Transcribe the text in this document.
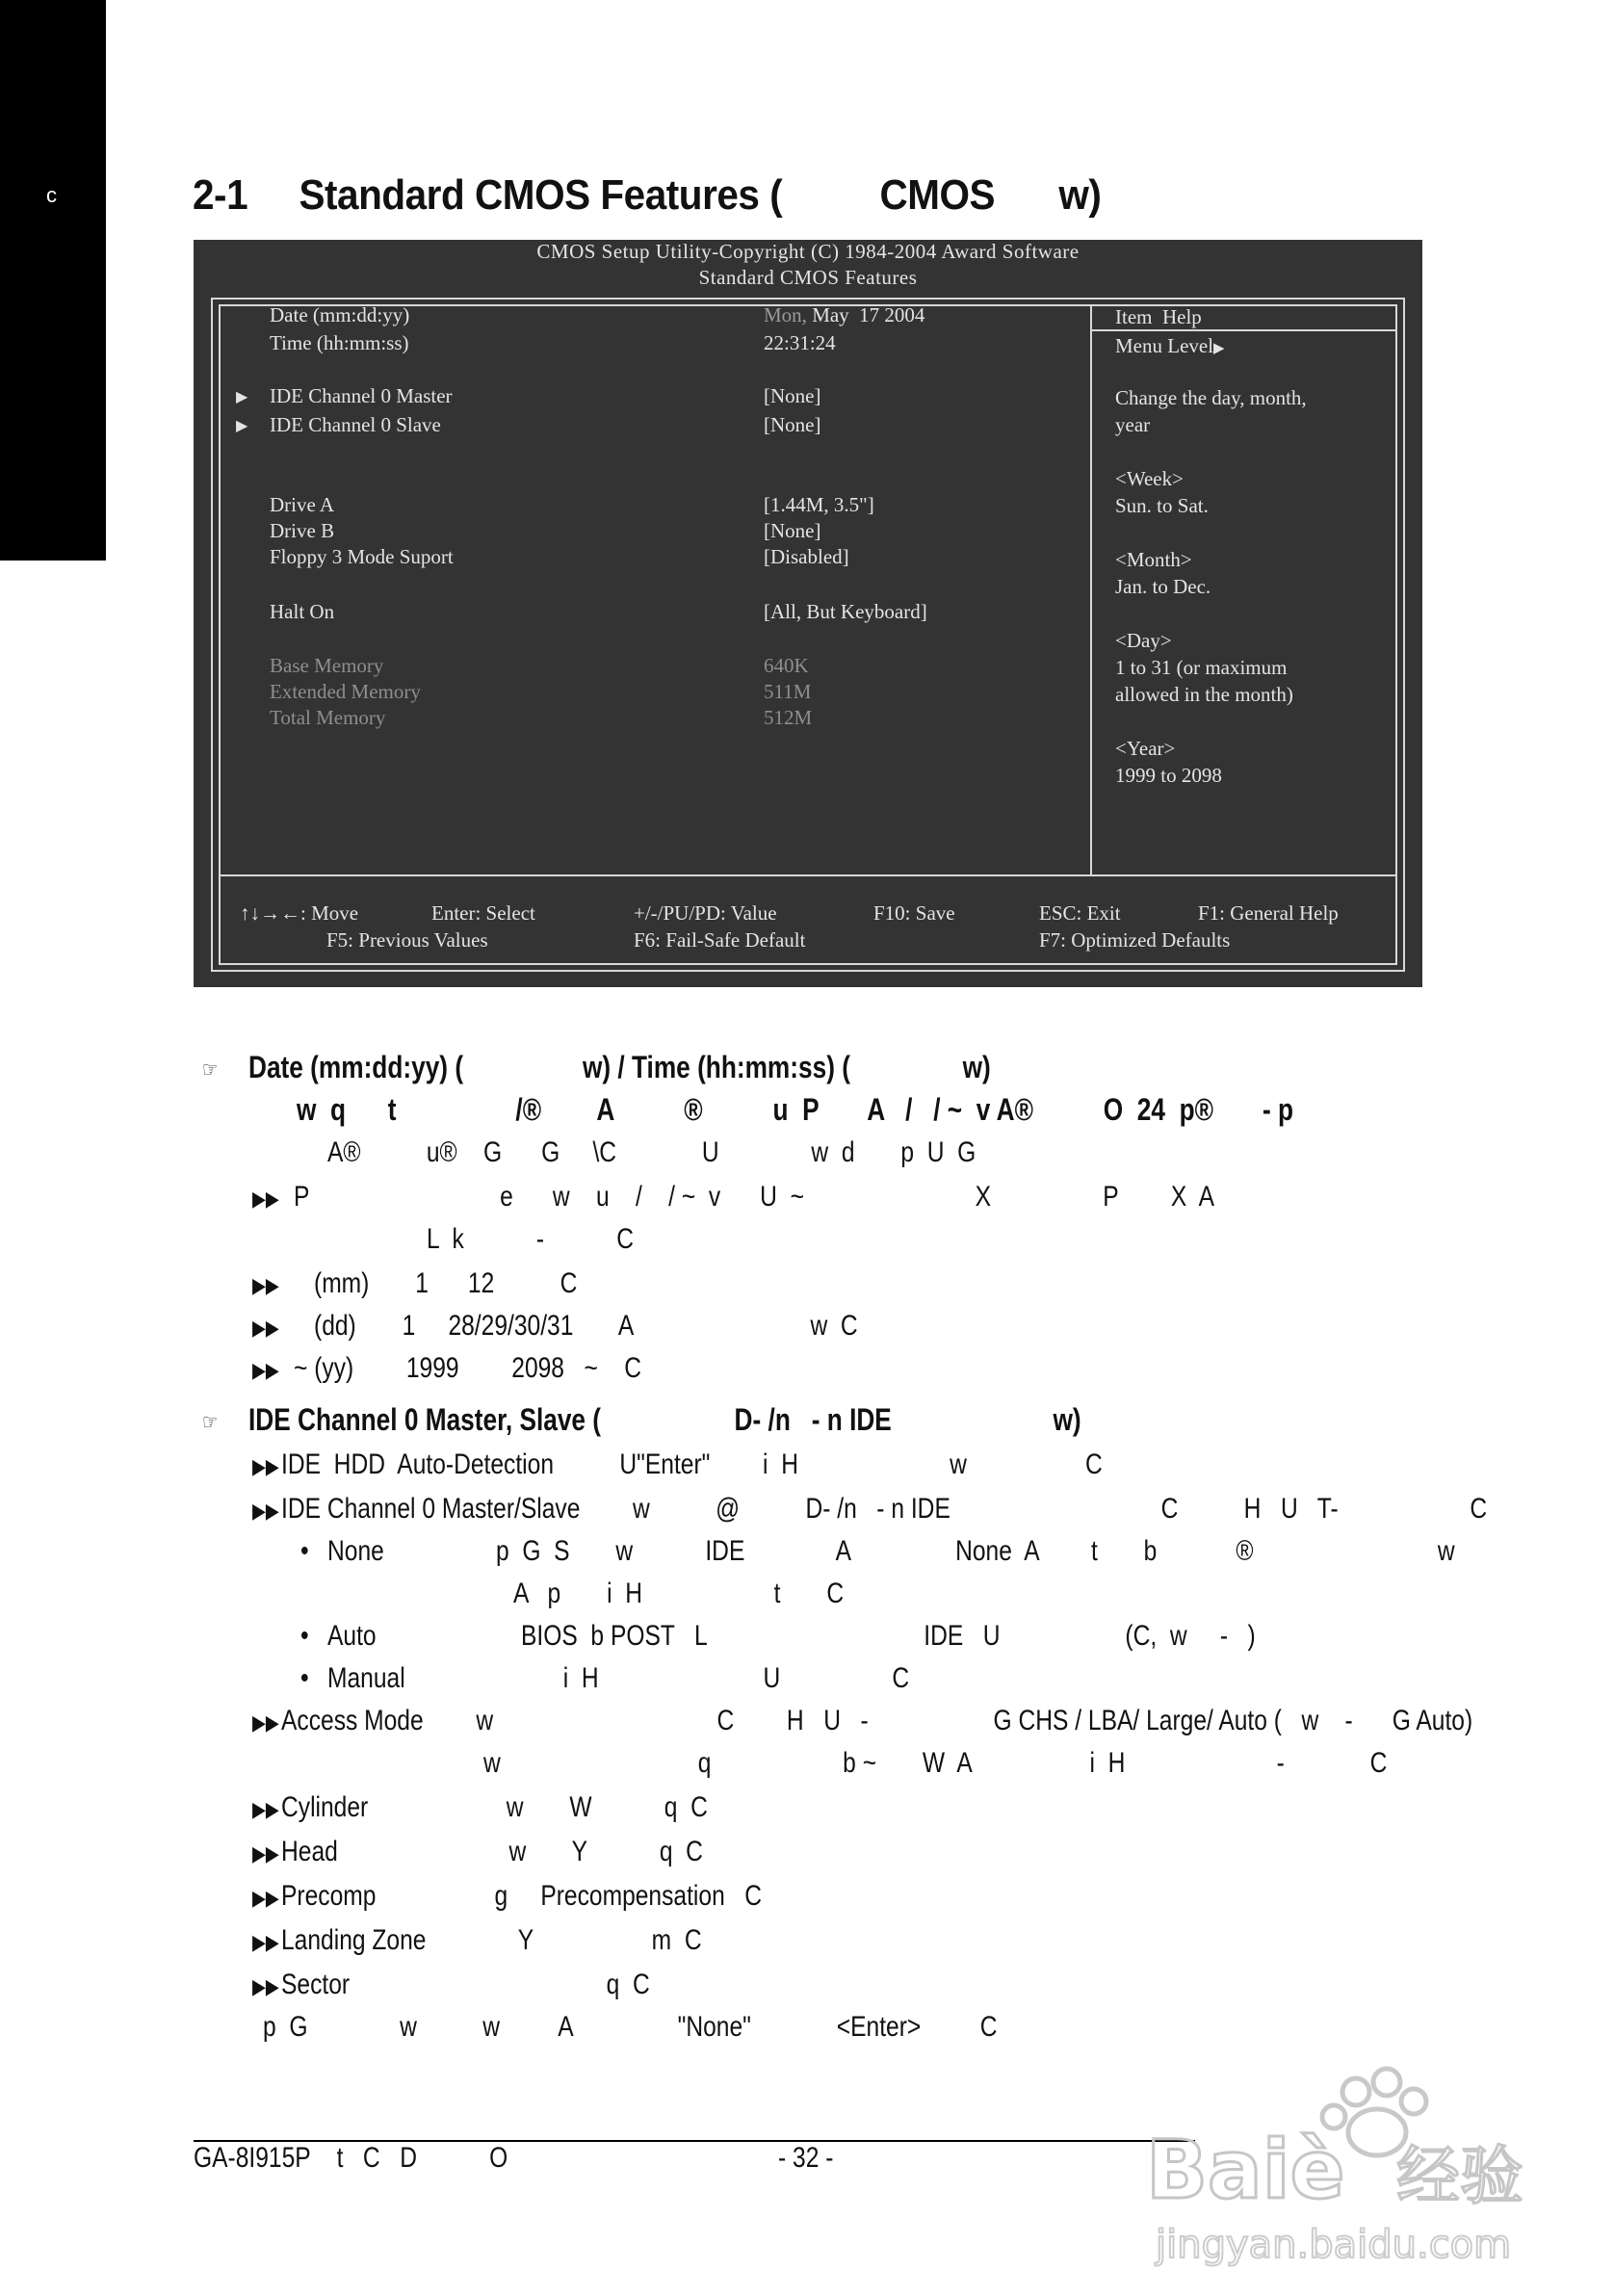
c	2-1 Standard CMOS Features ( CMOS w)
CMOS Setup Utility-Copyright (C) 1984-2004 Award Software
Standard CMOS Features
Date (mm:dd:yy)	Mon, May  17 2004
Time (hh:mm:ss)	22:31:24
▶ IDE Channel 0 Master	[None]
▶ IDE Channel 0 Slave	[None]
Drive A	[1.44M, 3.5"]
Drive B	[None]
Floppy 3 Mode Suport	[Disabled]
Halt On	[All, But Keyboard]
Base Memory	640K
Extended Memory	511M
Total Memory	512M
Item  Help
Menu Level▶
Change the day, month,
year

<Week>
Sun. to Sat.

<Month>
Jan. to Dec.

<Day>
1 to 31 (or maximum
allowed in the month)

<Year>
1999 to 2098
↑↓→←: Move	Enter: Select	+/-/PU/PD: Value	F10: Save	ESC: Exit	F1: General Help
F5: Previous Values	F6: Fail-Safe Default	F7: Optimized Defaults
☞ Date (mm:dd:yy) (                 w) / Time (hh:mm:ss) (                w)
w  q      t                 /®        A          ®          u  P       A   /   / ~  v A®          O  24  p®       - p
A®          u®    G      G     \C             U              w  d       p  U  G
▶▶ P                             e      w    u    /    / ~  v      U  ~                          X                 P        X  A
L  k           -           C
▶▶ (mm)       1      12          C
▶▶ (dd)       1     28/29/30/31       A                           w  C
▶▶ ~ (yy)        1999        2098   ~    C
☞ IDE Channel 0 Master, Slave (                   D- /n   - n IDE                       w)
▶▶ IDE  HDD  Auto-Detection          U"Enter"        i  H                       w                  C
▶▶ IDE Channel 0 Master/Slave        w          @          D- /n   - n IDE                                C          H   U   T-                    C
• None                 p  G  S       w           IDE              A                None  A        t       b            ®                            w
A   p       i  H                    t       C
• Auto                      BIOS  b POST   L                                 IDE   U                   (C,  w     -   )
• Manual                        i  H                         U                 C
▶▶ Access Mode        w                                  C        H   U   -                   G CHS / LBA/ Large/ Auto (   w    -      G Auto)
w                              q                    b ~       W  A                  i  H                       -             C
▶▶ Cylinder                     w       W           q  C
▶▶ Head                          w       Y           q  C
▶▶ Precomp                  g     Precompensation   C
▶▶ Landing Zone              Y                  m  C
▶▶ Sector                                       q  C
p  G              w          w         A                "None"             <Enter>         C
GA-8I915P    t   C   D           O	- 32 -	Baiè 经验
jingyan.baidu.com
